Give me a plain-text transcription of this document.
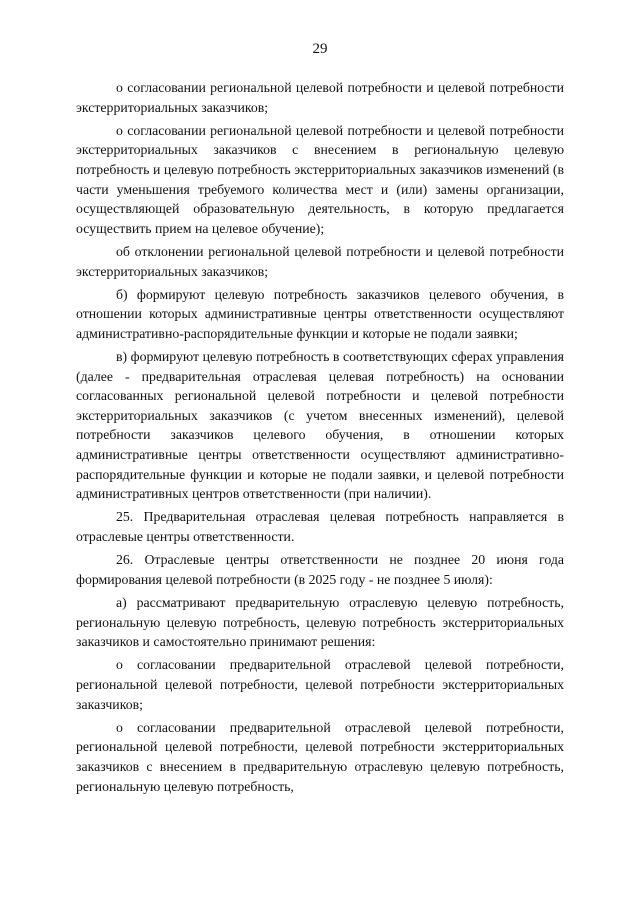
29

о согласовании региональной целевой потребности и целевой потребности экстерриториальных заказчиков;

о согласовании региональной целевой потребности и целевой потребности экстерриториальных заказчиков с внесением в региональную целевую потребность и целевую потребность экстерриториальных заказчиков изменений (в части уменьшения требуемого количества мест и (или) замены организации, осуществляющей образовательную деятельность, в которую предлагается осуществить прием на целевое обучение);

об отклонении региональной целевой потребности и целевой потребности экстерриториальных заказчиков;

б) формируют целевую потребность заказчиков целевого обучения, в отношении которых административные центры ответственности осуществляют административно-распорядительные функции и которые не подали заявки;

в) формируют целевую потребность в соответствующих сферах управления (далее - предварительная отраслевая целевая потребность) на основании согласованных региональной целевой потребности и целевой потребности экстерриториальных заказчиков (с учетом внесенных изменений), целевой потребности заказчиков целевого обучения, в отношении которых административные центры ответственности осуществляют административно-распорядительные функции и которые не подали заявки, и целевой потребности административных центров ответственности (при наличии).

25. Предварительная отраслевая целевая потребность направляется в отраслевые центры ответственности.

26. Отраслевые центры ответственности не позднее 20 июня года формирования целевой потребности (в 2025 году - не позднее 5 июля):

а) рассматривают предварительную отраслевую целевую потребность, региональную целевую потребность, целевую потребность экстерриториальных заказчиков и самостоятельно принимают решения:

о согласовании предварительной отраслевой целевой потребности, региональной целевой потребности, целевой потребности экстерриториальных заказчиков;

о согласовании предварительной отраслевой целевой потребности, региональной целевой потребности, целевой потребности экстерриториальных заказчиков с внесением в предварительную отраслевую целевую потребность, региональную целевую потребность,
